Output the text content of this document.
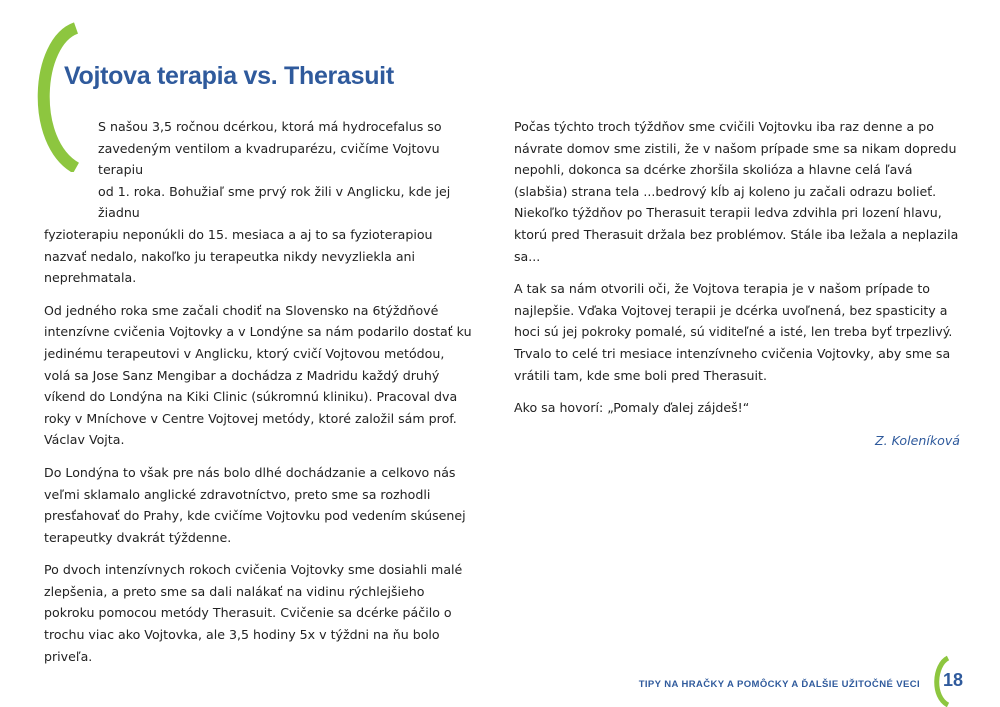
Vojtova terapia vs. Therasuit

S našou 3,5 ročnou dcérkou, ktorá má hydrocefalus so
zavedeným ventilom a kvadruparézu, cvičíme Vojtovu terapiu
od 1. roka. Bohužiaľ sme prvý rok žili v Anglicku, kde jej žiadnu
fyzioterapiu neponúkli do 15. mesiaca a aj to sa fyzioterapiou nazvať nedalo, nakoľko ju terapeutka nikdy nevyzliekla ani neprehmatala.

Od jedného roka sme začali chodiť na Slovensko na 6týždňové intenzívne cvičenia Vojtovky a v Londýne sa nám podarilo dostať ku jedinému terapeutovi v Anglicku, ktorý cvičí Vojtovou metódou, volá sa Jose Sanz Mengibar a dochádza z Madridu každý druhý víkend do Londýna na Kiki Clinic (súkromnú kliniku). Pracoval dva roky v Mníchove v Centre Vojtovej metódy, ktoré založil sám prof. Václav Vojta.

Do Londýna to však pre nás bolo dlhé dochádzanie a celkovo nás veľmi sklamalo anglické zdravotníctvo, preto sme sa rozhodli presťahovať do Prahy, kde cvičíme Vojtovku pod vedením skúsenej terapeutky dvakrát týždenne.

Po dvoch intenzívnych rokoch cvičenia Vojtovky sme dosiahli malé zlepšenia, a preto sme sa dali nalákať na vidinu rýchlejšieho pokroku pomocou metódy Therasuit. Cvičenie sa dcérke páčilo o trochu viac ako Vojtovka, ale 3,5 hodiny 5x v týždni na ňu bolo priveľa.

Počas týchto troch týždňov sme cvičili Vojtovku iba raz denne a po návrate domov sme zistili, že v našom prípade sme sa nikam dopredu nepohli, dokonca sa dcérke zhoršila skolióza a hlavne celá ľavá (slabšia) strana tela ...bedrový kĺb aj koleno ju začali odrazu bolieť. Niekoľko týždňov po Therasuit terapii ledva zdvihla pri lození hlavu, ktorú pred Therasuit držala bez problémov. Stále iba ležala a neplazila sa...

A tak sa nám otvorili oči, že Vojtova terapia je v našom prípade to najlepšie. Vďaka Vojtovej terapii je dcérka uvoľnená, bez spasticity a hoci sú jej pokroky pomalé, sú viditeľné a isté, len treba byť trpezlivý. Trvalo to celé tri mesiace intenzívneho cvičenia Vojtovky, aby sme sa vrátili tam, kde sme boli pred Therasuit.

Ako sa hovorí: „Pomaly ďalej zájdeš!“

Z. Koleníková

TIPY NA HRAČKY A POMÔCKY A ĎALŠIE UŽITOČNÉ VECI 18
